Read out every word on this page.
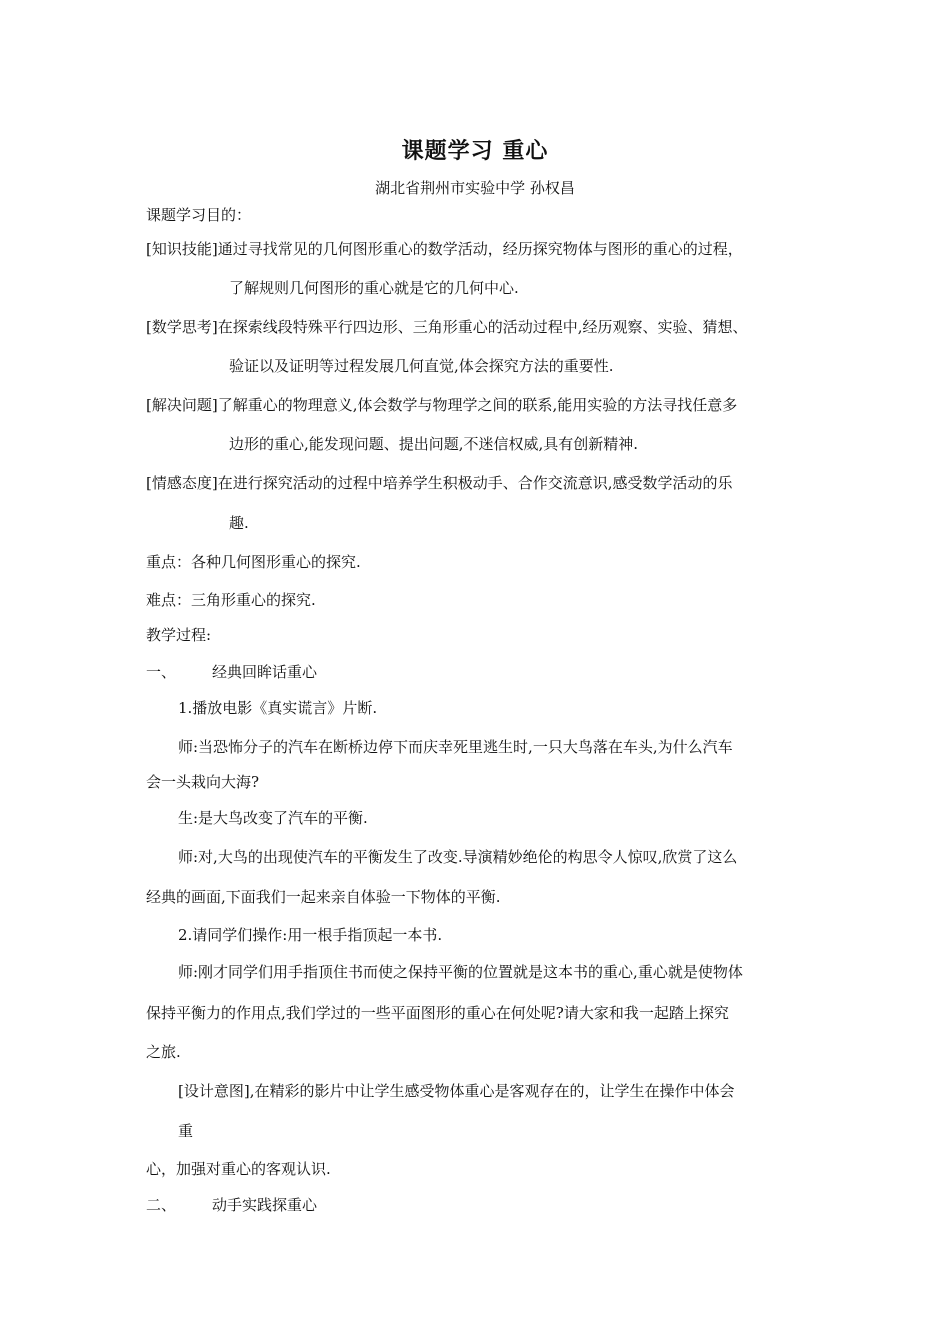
课题学习 重心
湖北省荆州市实验中学 孙权昌
课题学习目的：
[知识技能]通过寻找常见的几何图形重心的数学活动，经历探究物体与图形的重心的过程，
了解规则几何图形的重心就是它的几何中心.
[数学思考]在探索线段特殊平行四边形、三角形重心的活动过程中,经历观察、实验、猜想、
验证以及证明等过程发展几何直觉,体会探究方法的重要性.
[解决问题]了解重心的物理意义,体会数学与物理学之间的联系,能用实验的方法寻找任意多
边形的重心,能发现问题、提出问题,不迷信权威,具有创新精神.
[情感态度]在进行探究活动的过程中培养学生积极动手、合作交流意识,感受数学活动的乐
趣.
重点：各种几何图形重心的探究.
难点：三角形重心的探究.
教学过程:
一、 经典回眸话重心
1.播放电影《真实谎言》片断.
师:当恐怖分子的汽车在断桥边停下而庆幸死里逃生时,一只大鸟落在车头,为什么汽车
会一头栽向大海?
生:是大鸟改变了汽车的平衡.
师:对,大鸟的出现使汽车的平衡发生了改变.导演精妙绝伦的构思令人惊叹,欣赏了这么
经典的画面,下面我们一起来亲自体验一下物体的平衡.
2.请同学们操作:用一根手指顶起一本书.
师:刚才同学们用手指顶住书而使之保持平衡的位置就是这本书的重心,重心就是使物体
保持平衡力的作用点,我们学过的一些平面图形的重心在何处呢?请大家和我一起踏上探究
之旅.
[设计意图],在精彩的影片中让学生感受物体重心是客观存在的，让学生在操作中体会
重
心，加强对重心的客观认识.
二、 动手实践探重心
